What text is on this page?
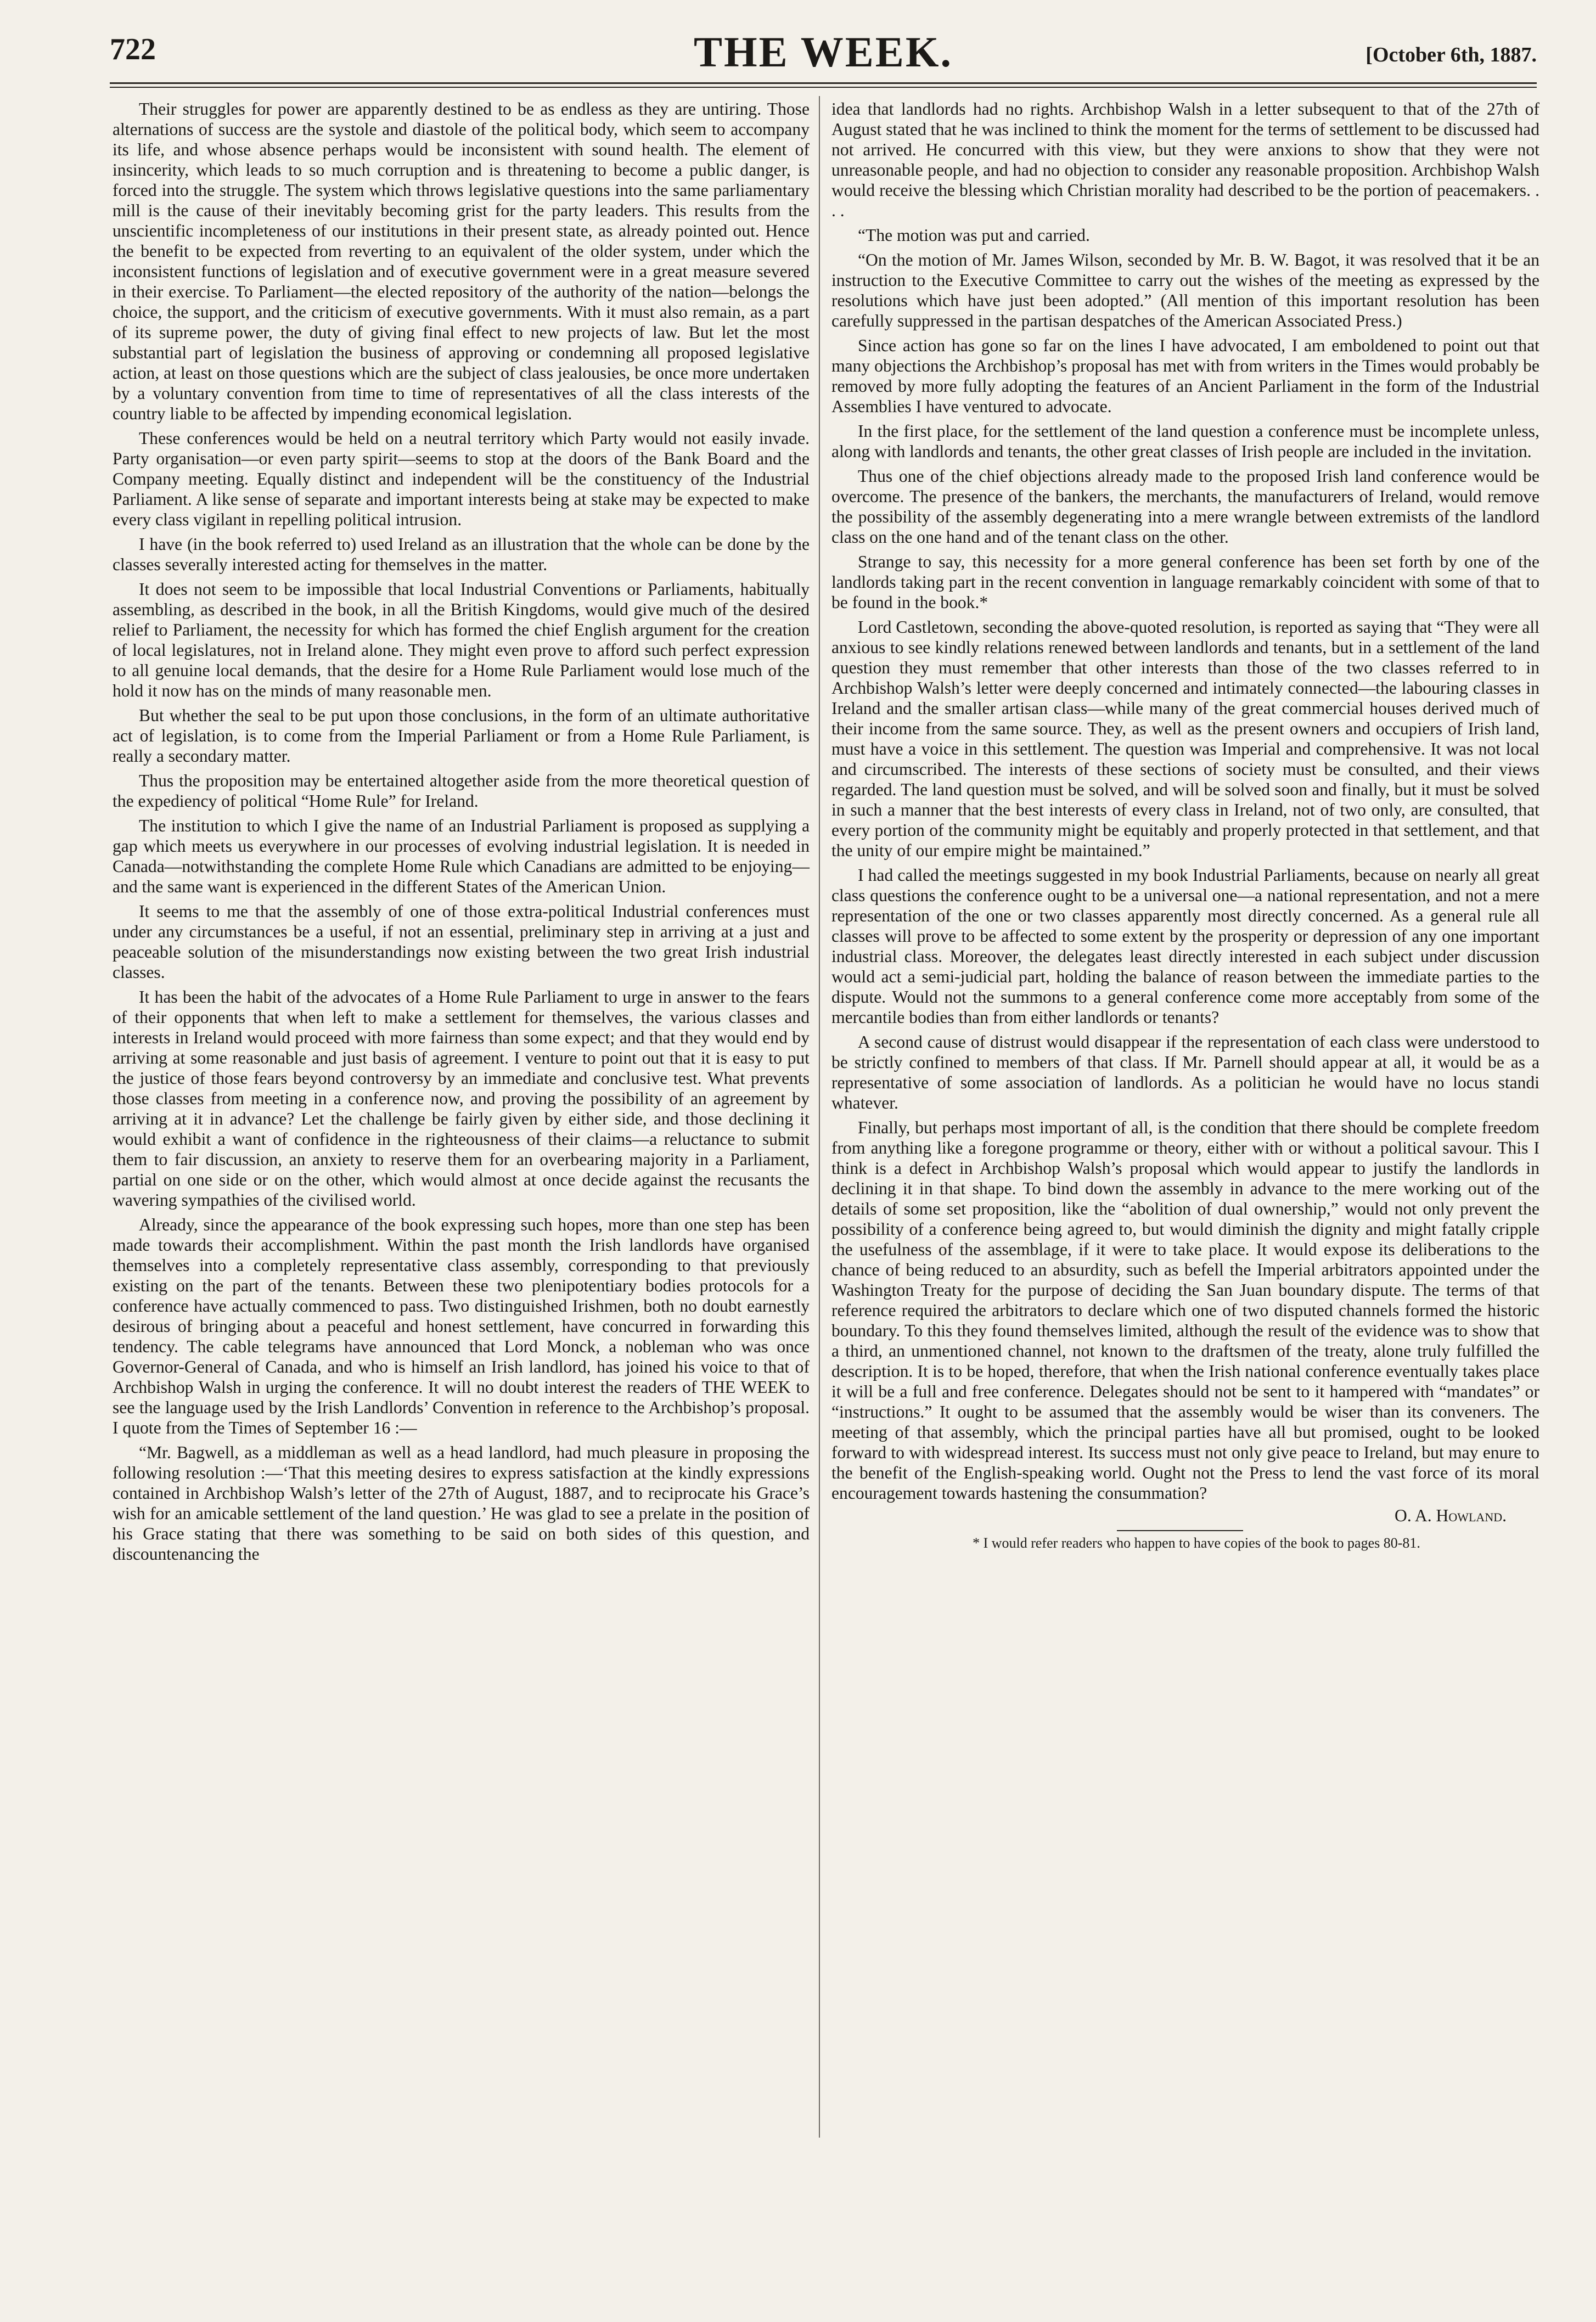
722	THE WEEK.	[October 6th, 1887.

Their struggles for power are apparently destined to be as endless as they are untiring. Those alternations of success are the systole and diastole of the political body, which seem to accompany its life, and whose absence perhaps would be inconsistent with sound health. The element of insincerity, which leads to so much corruption and is threatening to become a public danger, is forced into the struggle. The system which throws legislative questions into the same parliamentary mill is the cause of their inevitably becoming grist for the party leaders. This results from the unscientific incompleteness of our institutions in their present state, as already pointed out. Hence the benefit to be expected from reverting to an equivalent of the older system, under which the inconsistent functions of legislation and of executive government were in a great measure severed in their exercise. To Parliament—the elected repository of the authority of the nation—belongs the choice, the support, and the criticism of executive governments. With it must also remain, as a part of its supreme power, the duty of giving final effect to new projects of law. But let the most substantial part of legislation the business of approving or condemning all proposed legislative action, at least on those questions which are the subject of class jealousies, be once more undertaken by a voluntary convention from time to time of representatives of all the class interests of the country liable to be affected by impending economical legislation.

These conferences would be held on a neutral territory which Party would not easily invade. Party organisation—or even party spirit—seems to stop at the doors of the Bank Board and the Company meeting. Equally distinct and independent will be the constituency of the Industrial Parliament. A like sense of separate and important interests being at stake may be expected to make every class vigilant in repelling political intrusion.

I have (in the book referred to) used Ireland as an illustration that the whole can be done by the classes severally interested acting for themselves in the matter.

It does not seem to be impossible that local Industrial Conventions or Parliaments, habitually assembling, as described in the book, in all the British Kingdoms, would give much of the desired relief to Parliament, the necessity for which has formed the chief English argument for the creation of local legislatures, not in Ireland alone. They might even prove to afford such perfect expression to all genuine local demands, that the desire for a Home Rule Parliament would lose much of the hold it now has on the minds of many reasonable men.

But whether the seal to be put upon those conclusions, in the form of an ultimate authoritative act of legislation, is to come from the Imperial Parliament or from a Home Rule Parliament, is really a secondary matter.

Thus the proposition may be entertained altogether aside from the more theoretical question of the expediency of political “Home Rule” for Ireland.

The institution to which I give the name of an Industrial Parliament is proposed as supplying a gap which meets us everywhere in our processes of evolving industrial legislation. It is needed in Canada—notwithstanding the complete Home Rule which Canadians are admitted to be enjoying—and the same want is experienced in the different States of the American Union.

It seems to me that the assembly of one of those extra-political Industrial conferences must under any circumstances be a useful, if not an essential, preliminary step in arriving at a just and peaceable solution of the misunderstandings now existing between the two great Irish industrial classes.

It has been the habit of the advocates of a Home Rule Parliament to urge in answer to the fears of their opponents that when left to make a settlement for themselves, the various classes and interests in Ireland would proceed with more fairness than some expect; and that they would end by arriving at some reasonable and just basis of agreement. I venture to point out that it is easy to put the justice of those fears beyond controversy by an immediate and conclusive test. What prevents those classes from meeting in a conference now, and proving the possibility of an agreement by arriving at it in advance? Let the challenge be fairly given by either side, and those declining it would exhibit a want of confidence in the righteousness of their claims—a reluctance to submit them to fair discussion, an anxiety to reserve them for an overbearing majority in a Parliament, partial on one side or on the other, which would almost at once decide against the recusants the wavering sympathies of the civilised world.

Already, since the appearance of the book expressing such hopes, more than one step has been made towards their accomplishment. Within the past month the Irish landlords have organised themselves into a completely representative class assembly, corresponding to that previously existing on the part of the tenants. Between these two plenipotentiary bodies protocols for a conference have actually commenced to pass. Two distinguished Irishmen, both no doubt earnestly desirous of bringing about a peaceful and honest settlement, have concurred in forwarding this tendency. The cable telegrams have announced that Lord Monck, a nobleman who was once Governor-General of Canada, and who is himself an Irish landlord, has joined his voice to that of Archbishop Walsh in urging the conference. It will no doubt interest the readers of THE WEEK to see the language used by the Irish Landlords’ Convention in reference to the Archbishop’s proposal. I quote from the Times of September 16 :—

“Mr. Bagwell, as a middleman as well as a head landlord, had much pleasure in proposing the following resolution :—‘That this meeting desires to express satisfaction at the kindly expressions contained in Archbishop Walsh’s letter of the 27th of August, 1887, and to reciprocate his Grace’s wish for an amicable settlement of the land question.’ He was glad to see a prelate in the position of his Grace stating that there was something to be said on both sides of this question, and discountenancing the

idea that landlords had no rights. Archbishop Walsh in a letter subsequent to that of the 27th of August stated that he was inclined to think the moment for the terms of settlement to be discussed had not arrived. He concurred with this view, but they were anxions to show that they were not unreasonable people, and had no objection to consider any reasonable proposition. Archbishop Walsh would receive the blessing which Christian morality had described to be the portion of peacemakers. . . .

“The motion was put and carried.

“On the motion of Mr. James Wilson, seconded by Mr. B. W. Bagot, it was resolved that it be an instruction to the Executive Committee to carry out the wishes of the meeting as expressed by the resolutions which have just been adopted.” (All mention of this important resolution has been carefully suppressed in the partisan despatches of the American Associated Press.)

Since action has gone so far on the lines I have advocated, I am emboldened to point out that many objections the Archbishop’s proposal has met with from writers in the Times would probably be removed by more fully adopting the features of an Ancient Parliament in the form of the Industrial Assemblies I have ventured to advocate.

In the first place, for the settlement of the land question a conference must be incomplete unless, along with landlords and tenants, the other great classes of Irish people are included in the invitation.

Thus one of the chief objections already made to the proposed Irish land conference would be overcome. The presence of the bankers, the merchants, the manufacturers of Ireland, would remove the possibility of the assembly degenerating into a mere wrangle between extremists of the landlord class on the one hand and of the tenant class on the other.

Strange to say, this necessity for a more general conference has been set forth by one of the landlords taking part in the recent convention in language remarkably coincident with some of that to be found in the book.*

Lord Castletown, seconding the above-quoted resolution, is reported as saying that “They were all anxious to see kindly relations renewed between landlords and tenants, but in a settlement of the land question they must remember that other interests than those of the two classes referred to in Archbishop Walsh’s letter were deeply concerned and intimately connected—the labouring classes in Ireland and the smaller artisan class—while many of the great commercial houses derived much of their income from the same source. They, as well as the present owners and occupiers of Irish land, must have a voice in this settlement. The question was Imperial and comprehensive. It was not local and circumscribed. The interests of these sections of society must be consulted, and their views regarded. The land question must be solved, and will be solved soon and finally, but it must be solved in such a manner that the best interests of every class in Ireland, not of two only, are consulted, that every portion of the community might be equitably and properly protected in that settlement, and that the unity of our empire might be maintained.”

I had called the meetings suggested in my book Industrial Parliaments, because on nearly all great class questions the conference ought to be a universal one—a national representation, and not a mere representation of the one or two classes apparently most directly concerned. As a general rule all classes will prove to be affected to some extent by the prosperity or depression of any one important industrial class. Moreover, the delegates least directly interested in each subject under discussion would act a semi-judicial part, holding the balance of reason between the immediate parties to the dispute. Would not the summons to a general conference come more acceptably from some of the mercantile bodies than from either landlords or tenants?

A second cause of distrust would disappear if the representation of each class were understood to be strictly confined to members of that class. If Mr. Parnell should appear at all, it would be as a representative of some association of landlords. As a politician he would have no locus standi whatever.

Finally, but perhaps most important of all, is the condition that there should be complete freedom from anything like a foregone programme or theory, either with or without a political savour. This I think is a defect in Archbishop Walsh’s proposal which would appear to justify the landlords in declining it in that shape. To bind down the assembly in advance to the mere working out of the details of some set proposition, like the “abolition of dual ownership,” would not only prevent the possibility of a conference being agreed to, but would diminish the dignity and might fatally cripple the usefulness of the assemblage, if it were to take place. It would expose its deliberations to the chance of being reduced to an absurdity, such as befell the Imperial arbitrators appointed under the Washington Treaty for the purpose of deciding the San Juan boundary dispute. The terms of that reference required the arbitrators to declare which one of two disputed channels formed the historic boundary. To this they found themselves limited, although the result of the evidence was to show that a third, an unmentioned channel, not known to the draftsmen of the treaty, alone truly fulfilled the description. It is to be hoped, therefore, that when the Irish national conference eventually takes place it will be a full and free conference. Delegates should not be sent to it hampered with “mandates” or “instructions.” It ought to be assumed that the assembly would be wiser than its conveners. The meeting of that assembly, which the principal parties have all but promised, ought to be looked forward to with widespread interest. Its success must not only give peace to Ireland, but may enure to the benefit of the English-speaking world. Ought not the Press to lend the vast force of its moral encouragement towards hastening the consummation?

O. A. Howland.
* I would refer readers who happen to have copies of the book to pages 80-81.
